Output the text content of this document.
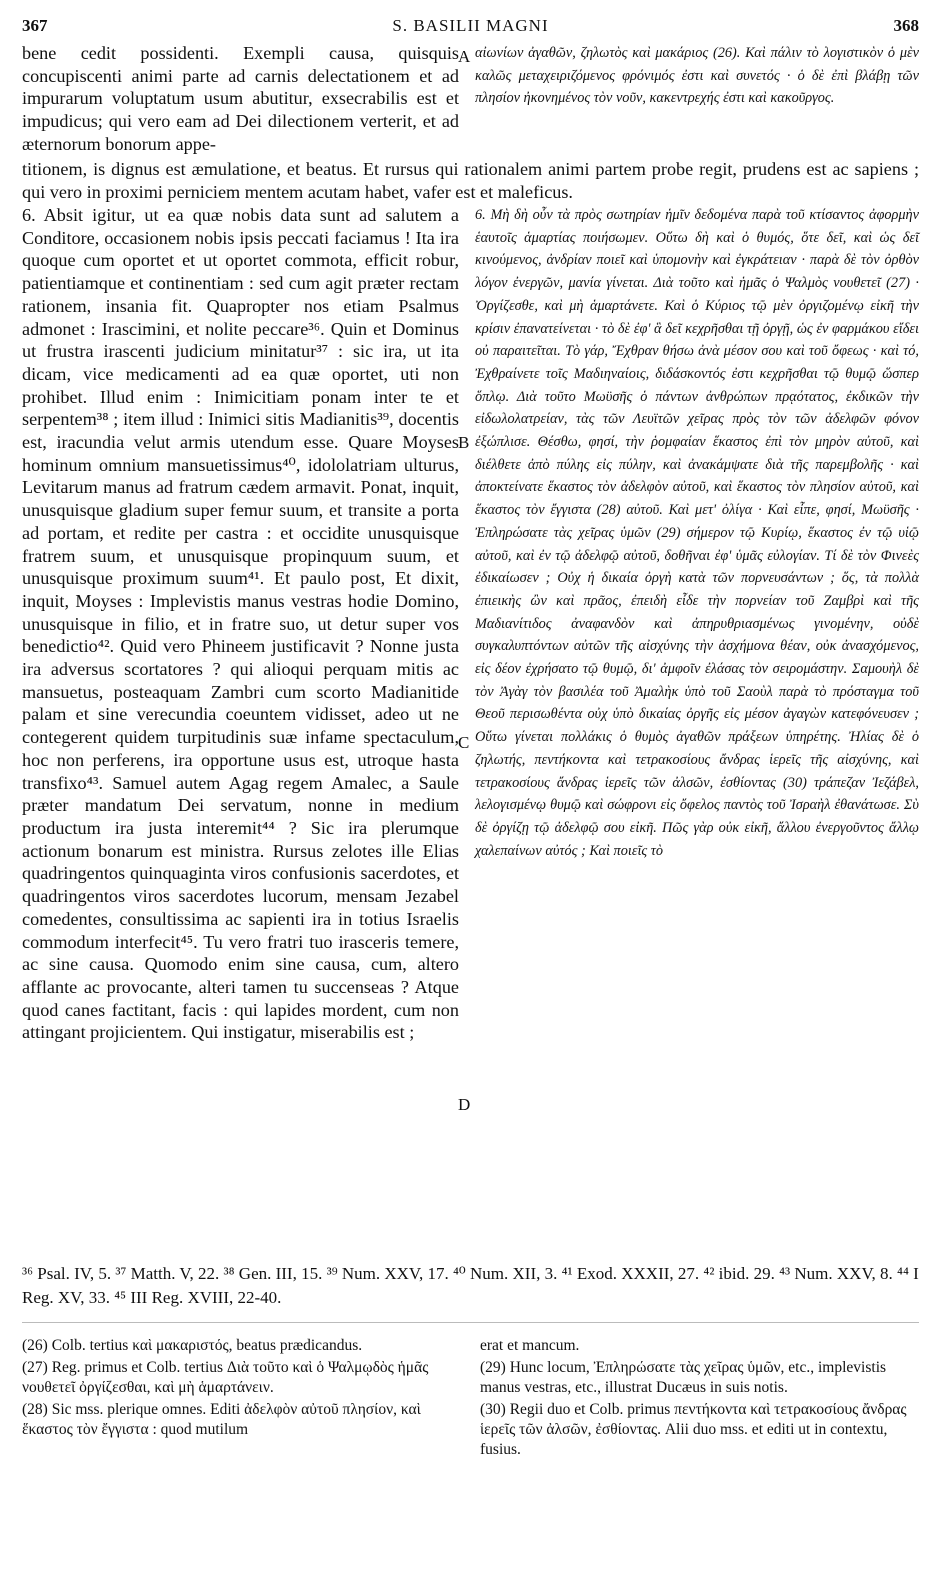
367	S. BASILII MAGNI	368

bene cedit possidenti. Exempli causa, quisquis concupiscenti animi parte ad carnis delectationem et ad impurarum voluptatum usum abutitur, exsecrabilis est et impudicus; qui vero eam ad Dei dilectionem verterit, et ad æternorum bonorum appe-

αἰωνίων ἀγαθῶν, ζηλωτὸς καὶ μακάριος (26). Καὶ πάλιν τὸ λογιστικὸν ὁ μὲν καλῶς μεταχειριζόμενος φρόνιμός ἐστι καὶ συνετός · ὁ δὲ ἐπὶ βλάβῃ τῶν πλησίον ἠκονημένος τὸν νοῦν, κακεντρεχής ἐστι καὶ κακοῦργος.

titionem, is dignus est æmulatione, et beatus. Et rursus qui rationalem animi partem probe regit, prudens est ac sapiens ; qui vero in proximi perniciem mentem acutam habet, vafer est et maleficus.

6. Absit igitur, ut ea quæ nobis data sunt ad salutem a Conditore, occasionem nobis ipsis peccati faciamus ! Ita ira quoque cum oportet et ut oportet commota, efficit robur, patientiamque et continentiam : sed cum agit præter rectam rationem, insania fit. Quapropter nos etiam Psalmus admonet : Irascimini, et nolite peccare³⁶. Quin et Dominus ut frustra irascenti judicium minitatur³⁷ : sic ira, ut ita dicam, vice medicamenti ad ea quæ oportet, uti non prohibet. Illud enim : Inimicitiam ponam inter te et serpentem³⁸ ; item illud : Inimici sitis Madianitis³⁹, docentis est, iracundia velut armis utendum esse. Quare Moyses hominum omnium mansuetissimus⁴⁰, idololatriam ulturus, Levitarum manus ad fratrum cædem armavit. Ponat, inquit, unusquisque gladium super femur suum, et transite a porta ad portam, et redite per castra : et occidite unusquisque fratrem suum, et unusquisque propinquum suum, et unusquisque proximum suum⁴¹. Et paulo post, Et dixit, inquit, Moyses : Implevistis manus vestras hodie Domino, unusquisque in filio, et in fratre suo, ut detur super vos benedictio⁴². Quid vero Phineem justificavit ? Nonne justa ira adversus scortatores ? qui alioqui perquam mitis ac mansuetus, posteaquam Zambri cum scorto Madianitide palam et sine verecundia coeuntem vidisset, adeo ut ne contegerent quidem turpitudinis suæ infame spectaculum, hoc non perferens, ira opportune usus est, utroque hasta transfixo⁴³. Samuel autem Agag regem Amalec, a Saule præter mandatum Dei servatum, nonne in medium productum ira justa interemit⁴⁴ ? Sic ira plerumque actionum bonarum est ministra. Rursus zelotes ille Elias quadringentos quinquaginta viros confusionis sacerdotes, et quadringentos viros sacerdotes lucorum, mensam Jezabel comedentes, consultissima ac sapienti ira in totius Israelis commodum interfecit⁴⁵. Tu vero fratri tuo irasceris temere, ac sine causa. Quomodo enim sine causa, cum, altero afflante ac provocante, alteri tamen tu succenseas ? Atque quod canes factitant, facis : qui lapides mordent, cum non attingant projicientem. Qui instigatur, miserabilis est ;

6. Μὴ δὴ οὖν τὰ πρὸς σωτηρίαν ἡμῖν δεδομένα παρὰ τοῦ κτίσαντος ἀφορμὴν ἑαυτοῖς ἁμαρτίας ποιήσωμεν. Οὕτω δὴ καὶ ὁ θυμός, ὅτε δεῖ, καὶ ὡς δεῖ κινούμενος, ἀνδρίαν ποιεῖ καὶ ὑπομονὴν καὶ ἐγκράτειαν · παρὰ δὲ τὸν ὀρθὸν λόγον ἐνεργῶν, μανία γίνεται. Διὰ τοῦτο καὶ ἡμᾶς ὁ Ψαλμὸς νουθετεῖ (27) · Ὀργίζεσθε, καὶ μὴ ἁμαρτάνετε. Καὶ ὁ Κύριος τῷ μὲν ὀργιζομένῳ εἰκῆ τὴν κρίσιν ἐπανατείνεται · τὸ δὲ ἐφ' ἃ δεῖ κεχρῆσθαι τῇ ὀργῇ, ὡς ἐν φαρμάκου εἴδει οὐ παραιτεῖται. Τὸ γάρ, Ἔχθραν θήσω ἀνὰ μέσον σου καὶ τοῦ ὄφεως · καὶ τό, Ἐχθραίνετε τοῖς Μαδιηναίοις, διδάσκοντός ἐστι κεχρῆσθαι τῷ θυμῷ ὥσπερ ὅπλῳ. Διὰ τοῦτο Μωϋσῆς ὁ πάντων ἀνθρώπων πρᾳότατος, ἐκδικῶν τὴν εἰδωλολατρείαν, τὰς τῶν Λευϊτῶν χεῖρας πρὸς τὸν τῶν ἀδελφῶν φόνον ἐξώπλισε. Θέσθω, φησί, τὴν ῥομφαίαν ἕκαστος ἐπὶ τὸν μηρὸν αὐτοῦ, καὶ διέλθετε ἀπὸ πύλης εἰς πύλην, καὶ ἀνακάμψατε διὰ τῆς παρεμβολῆς · καὶ ἀποκτείνατε ἕκαστος τὸν ἀδελφὸν αὐτοῦ, καὶ ἕκαστος τὸν πλησίον αὐτοῦ, καὶ ἕκαστος τὸν ἔγγιστα (28) αὐτοῦ. Καὶ μετ' ὀλίγα · Καὶ εἶπε, φησί, Μωϋσῆς · Ἐπληρώσατε τὰς χεῖρας ὑμῶν (29) σήμερον τῷ Κυρίῳ, ἕκαστος ἐν τῷ υἱῷ αὐτοῦ, καὶ ἐν τῷ ἀδελφῷ αὐτοῦ, δοθῆναι ἐφ' ὑμᾶς εὐλογίαν. Τί δὲ τὸν Φινεὲς ἐδικαίωσεν ; Οὐχ ἡ δικαία ὀργὴ κατὰ τῶν πορνευσάντων ; ὅς, τὰ πολλὰ ἐπιεικὴς ὢν καὶ πρᾶος, ἐπειδὴ εἶδε τὴν πορνείαν τοῦ Ζαμβρὶ καὶ τῆς Μαδιανίτιδος ἀναφανδὸν καὶ ἀπηρυθριασμένως γινομένην, οὐδὲ συγκαλυπτόντων αὐτῶν τῆς αἰσχύνης τὴν ἀσχήμονα θέαν, οὐκ ἀνασχόμενος, εἰς δέον ἐχρήσατο τῷ θυμῷ, δι' ἀμφοῖν ἐλάσας τὸν σειρομάστην. Σαμουὴλ δὲ τὸν Ἀγὰγ τὸν βασιλέα τοῦ Ἀμαλὴκ ὑπὸ τοῦ Σαοὺλ παρὰ τὸ πρόσταγμα τοῦ Θεοῦ περισωθέντα οὐχ ὑπὸ δικαίας ὀργῆς εἰς μέσον ἀγαγὼν κατεφόνευσεν ; Οὕτω γίνεται πολλάκις ὁ θυμὸς ἀγαθῶν πράξεων ὑπηρέτης. Ἠλίας δὲ ὁ ζηλωτής, πεντήκοντα καὶ τετρακοσίους ἄνδρας ἱερεῖς τῆς αἰσχύνης, καὶ τετρακοσίους ἄνδρας ἱερεῖς τῶν ἀλσῶν, ἐσθίοντας (30) τράπεζαν Ἰεζάβελ, λελογισμένῳ θυμῷ καὶ σώφρονι εἰς ὄφελος παντὸς τοῦ Ἰσραὴλ ἐθανάτωσε. Σὺ δὲ ὀργίζῃ τῷ ἀδελφῷ σου εἰκῆ. Πῶς γὰρ οὐκ εἰκῆ, ἄλλου ἐνεργοῦντος ἄλλῳ χαλεπαίνων αὐτός ; Καὶ ποιεῖς τὸ

A
B
C
D
³⁶ Psal. IV, 5. ³⁷ Matth. V, 22. ³⁸ Gen. III, 15. ³⁹ Num. XXV, 17. ⁴⁰ Num. XII, 3. ⁴¹ Exod. XXXII, 27. ⁴² ibid. 29. ⁴³ Num. XXV, 8. ⁴⁴ I Reg. XV, 33. ⁴⁵ III Reg. XVIII, 22-40.

(26) Colb. tertius καὶ μακαριστός, beatus prædicandus.

(27) Reg. primus et Colb. tertius Διὰ τοῦτο καὶ ὁ Ψαλμῳδὸς ἡμᾶς νουθετεῖ ὀργίζεσθαι, καὶ μὴ ἁμαρτάνειν.

(28) Sic mss. plerique omnes. Editi ἀδελφὸν αὐτοῦ πλησίον, καὶ ἕκαστος τὸν ἔγγιστα : quod mutilum

erat et mancum.

(29) Hunc locum, Ἐπληρώσατε τὰς χεῖρας ὑμῶν, etc., implevistis manus vestras, etc., illustrat Ducæus in suis notis.

(30) Regii duo et Colb. primus πεντήκοντα καὶ τετρακοσίους ἄνδρας ἱερεῖς τῶν ἀλσῶν, ἐσθίοντας. Alii duo mss. et editi ut in contextu, fusius.
